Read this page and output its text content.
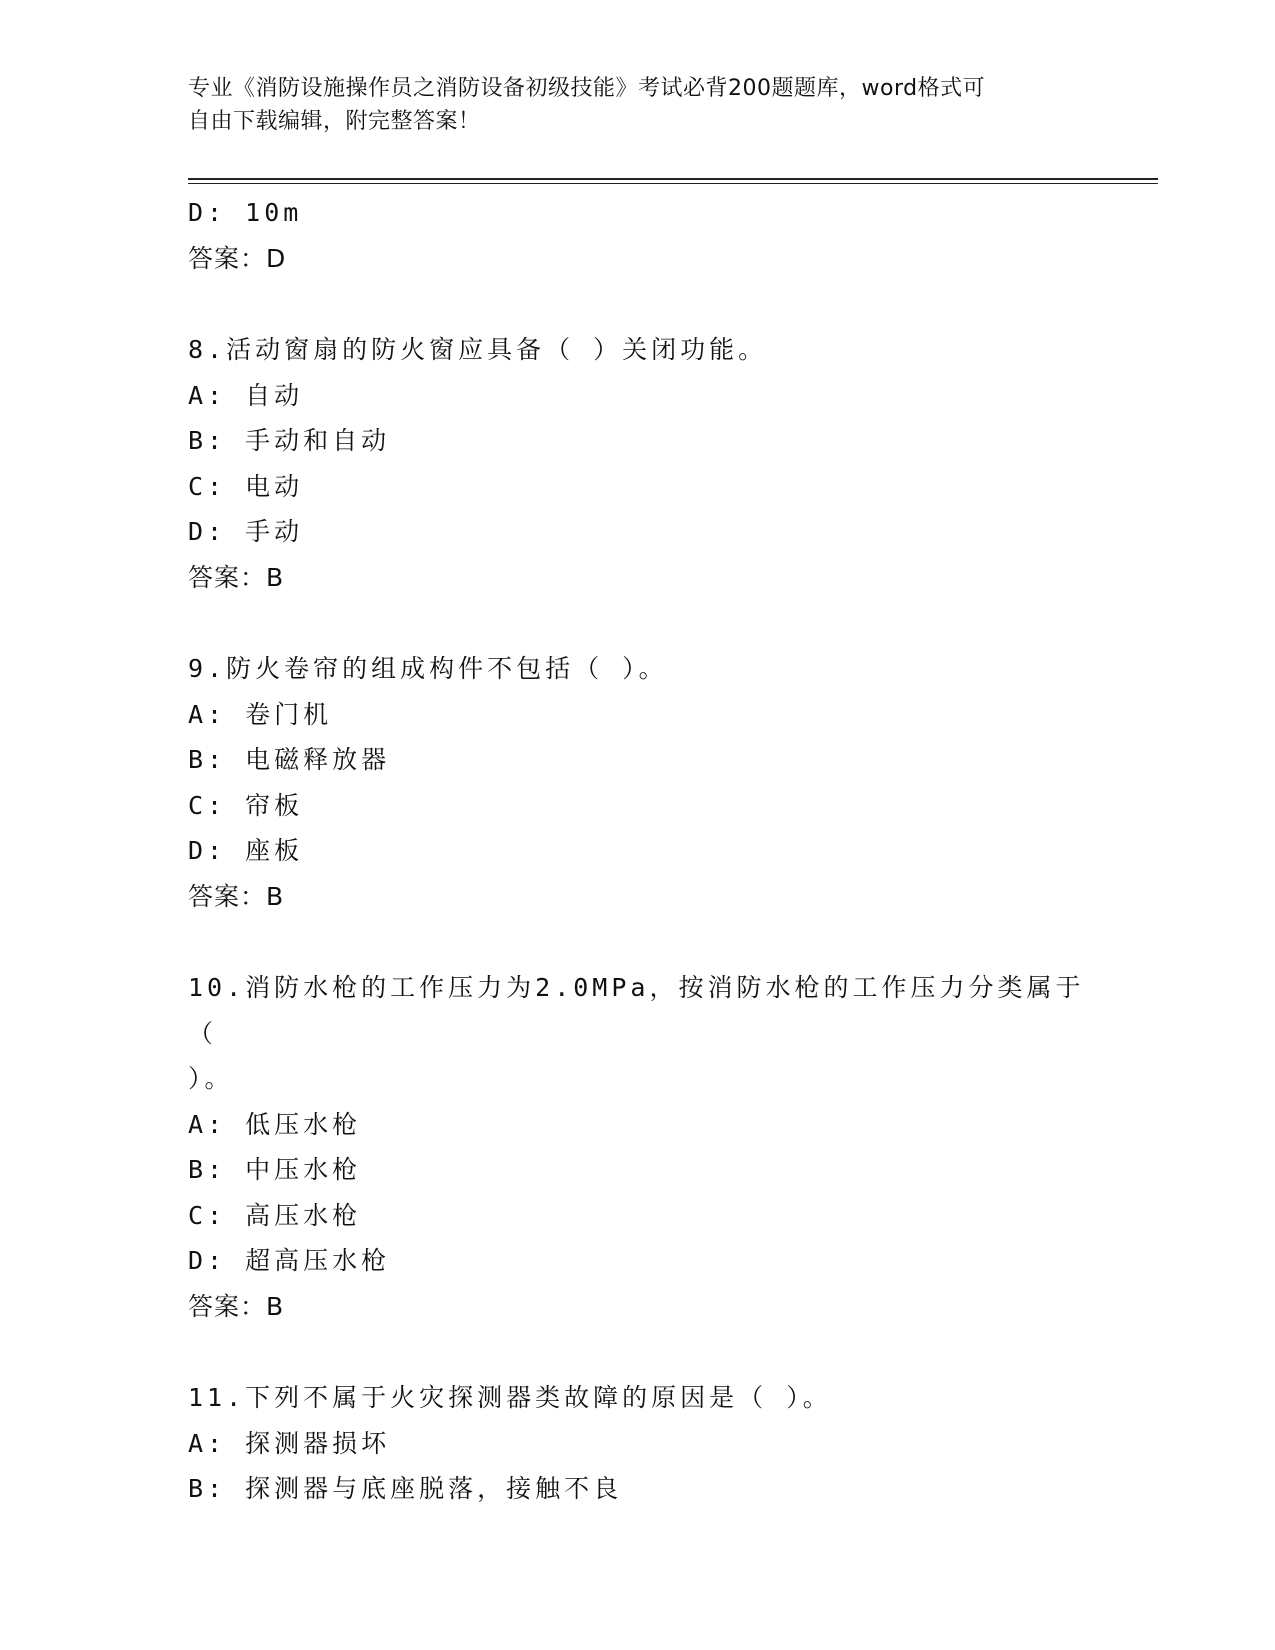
专业《消防设施操作员之消防设备初级技能》考试必背200题题库，word格式可
自由下载编辑，附完整答案！
D: 10m
答案：D
8.活动窗扇的防火窗应具备（ ）关闭功能。
A: 自动
B: 手动和自动
C: 电动
D: 手动
答案：B
9.防火卷帘的组成构件不包括（ ）。
A: 卷门机
B: 电磁释放器
C: 帘板
D: 座板
答案：B
10.消防水枪的工作压力为2.0MPa，按消防水枪的工作压力分类属于（
）。
A: 低压水枪
B: 中压水枪
C: 高压水枪
D: 超高压水枪
答案：B
11.下列不属于火灾探测器类故障的原因是（ ）。
A: 探测器损坏
B: 探测器与底座脱落，接触不良
